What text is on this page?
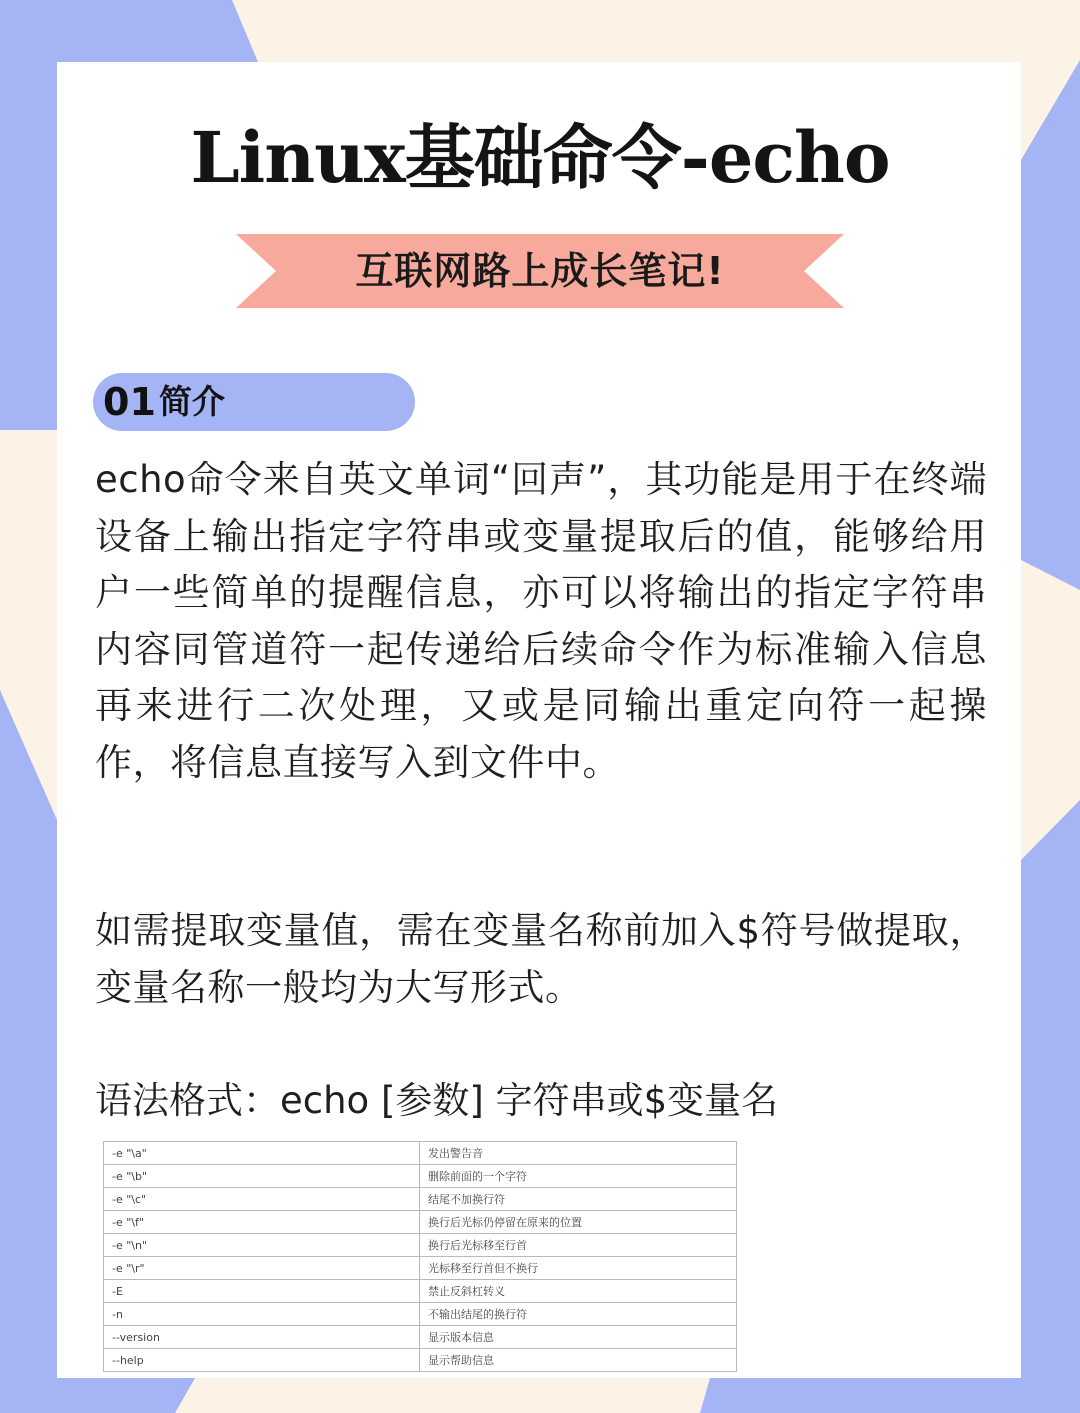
Linux基础命令-echo
互联网路上成长笔记!
01 简介
echo命令来自英文单词“回声”，其功能是用于在终端设备上输出指定字符串或变量提取后的值，能够给用户一些简单的提醒信息，亦可以将输出的指定字符串内容同管道符一起传递给后续命令作为标准输入信息再来进行二次处理，又或是同输出重定向符一起操作，将信息直接写入到文件中。
如需提取变量值，需在变量名称前加入$符号做提取，变量名称一般均为大写形式。
语法格式：echo [参数] 字符串或$变量名
-e "\a"	发出警告音
-e "\b"	删除前面的一个字符
-e "\c"	结尾不加换行符
-e "\f"	换行后光标仍停留在原来的位置
-e "\n"	换行后光标移至行首
-e "\r"	光标移至行首但不换行
-E	禁止反斜杠转义
-n	不输出结尾的换行符
--version	显示版本信息
--help	显示帮助信息
